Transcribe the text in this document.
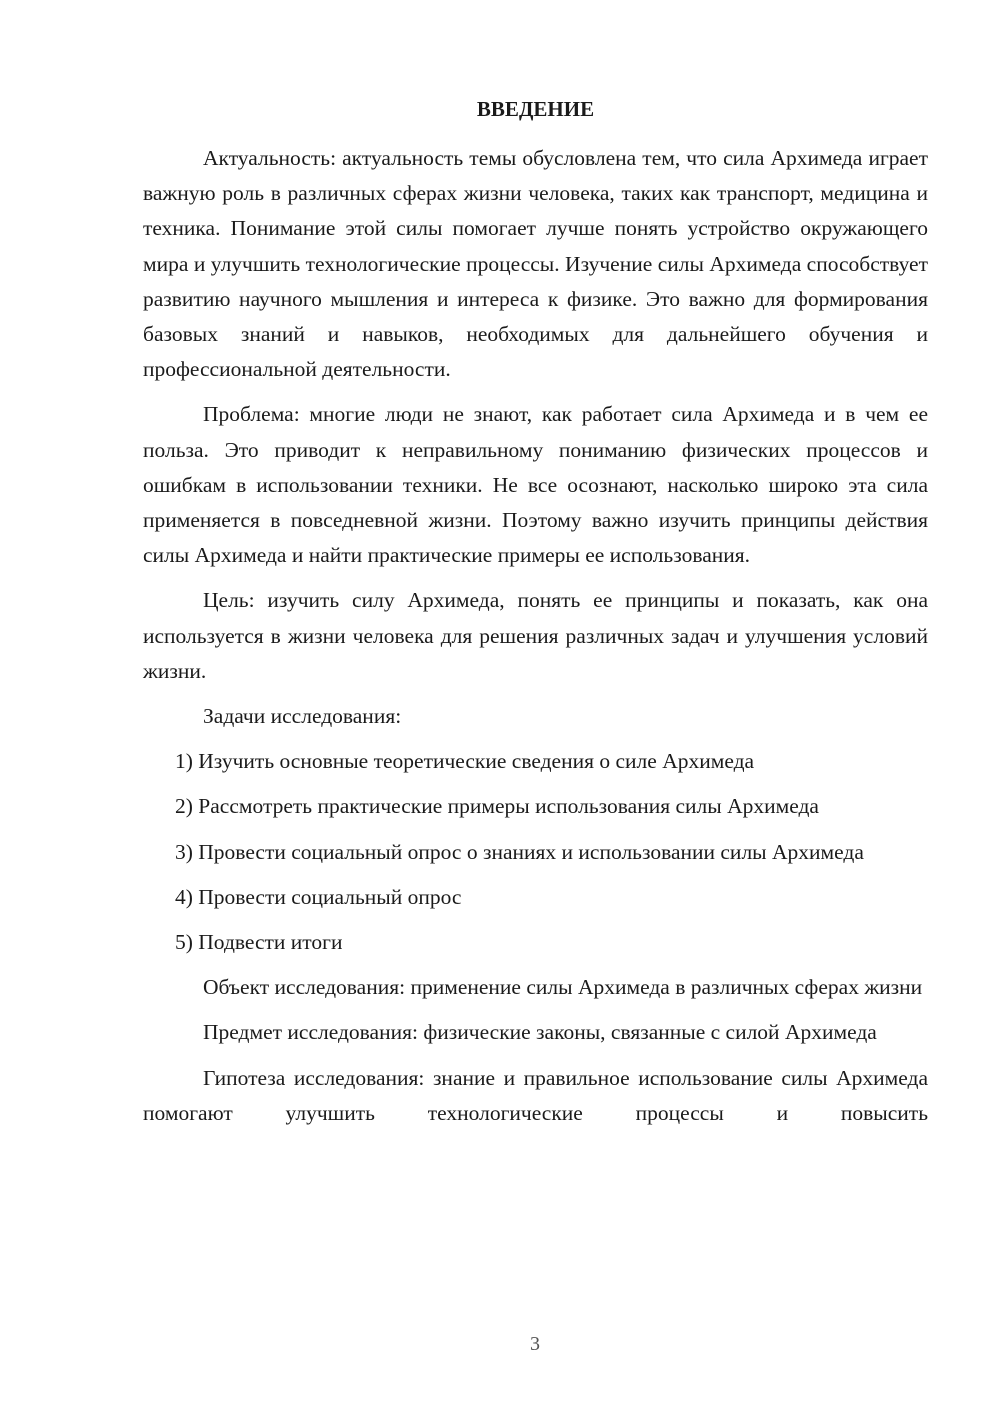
ВВЕДЕНИЕ

Актуальность: актуальность темы обусловлена тем, что сила Архимеда играет важную роль в различных сферах жизни человека, таких как транспорт, медицина и техника. Понимание этой силы помогает лучше понять устройство окружающего мира и улучшить технологические процессы. Изучение силы Архимеда способствует развитию научного мышления и интереса к физике. Это важно для формирования базовых знаний и навыков, необходимых для дальнейшего обучения и профессиональной деятельности.

Проблема: многие люди не знают, как работает сила Архимеда и в чем ее польза. Это приводит к неправильному пониманию физических процессов и ошибкам в использовании техники. Не все осознают, насколько широко эта сила применяется в повседневной жизни. Поэтому важно изучить принципы действия силы Архимеда и найти практические примеры ее использования.

Цель: изучить силу Архимеда, понять ее принципы и показать, как она используется в жизни человека для решения различных задач и улучшения условий жизни.

Задачи исследования:

1) Изучить основные теоретические сведения о силе Архимеда

2) Рассмотреть практические примеры использования силы Архимеда

3) Провести социальный опрос о знаниях и использовании силы Архимеда

4) Провести социальный опрос

5) Подвести итоги

Объект исследования: применение силы Архимеда в различных сферах жизни

Предмет исследования: физические законы, связанные с силой Архимеда

Гипотеза исследования: знание и правильное использование силы Архимеда помогают улучшить технологические процессы и повысить

3
